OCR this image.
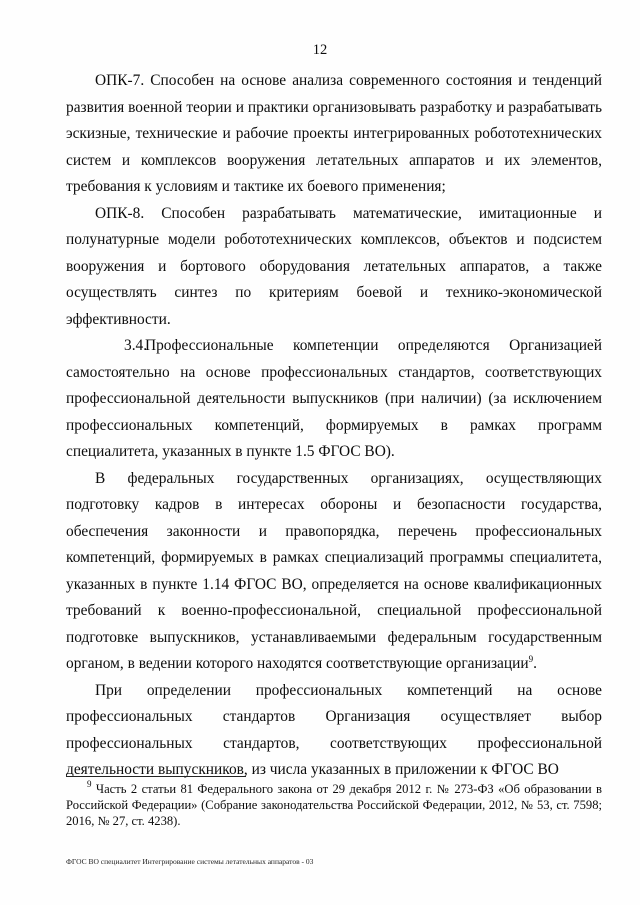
12

ОПК-7. Способен на основе анализа современного состояния и тенденций развития военной теории и практики организовывать разработку и разрабатывать эскизные, технические и рабочие проекты интегрированных робототехнических систем и комплексов вооружения летательных аппаратов и их элементов, требования к условиям и тактике их боевого применения;

ОПК-8. Способен разрабатывать математические, имитационные и полунатурные модели робототехнических комплексов, объектов и подсистем вооружения и бортового оборудования летательных аппаратов, а также осуществлять синтез по критериям боевой и технико-экономической эффективности.

3.4.Профессиональные компетенции определяются Организацией самостоятельно на основе профессиональных стандартов, соответствующих профессиональной деятельности выпускников (при наличии) (за исключением профессиональных компетенций, формируемых в рамках программ специалитета, указанных в пункте 1.5 ФГОС ВО).

В федеральных государственных организациях, осуществляющих подготовку кадров в интересах обороны и безопасности государства, обеспечения законности и правопорядка, перечень профессиональных компетенций, формируемых в рамках специализаций программы специалитета, указанных в пункте 1.14 ФГОС ВО, определяется на основе квалификационных требований к военно-профессиональной, специальной профессиональной подготовке выпускников, устанавливаемыми федеральным государственным органом, в ведении которого находятся соответствующие организации$^9$.

При определении профессиональных компетенций на основе профессиональных стандартов Организация осуществляет выбор профессиональных стандартов, соответствующих профессиональной деятельности выпускников, из числа указанных в приложении к ФГОС ВО

$^9$ Часть 2 статьи 81 Федерального закона от 29 декабря 2012 г. № 273-ФЗ «Об образовании в Российской Федерации» (Собрание законодательства Российской Федерации, 2012, № 53, ст. 7598; 2016, № 27, ст. 4238).

ФГОС ВО специалитет Интегрирование системы летательных аппаратов - 03
